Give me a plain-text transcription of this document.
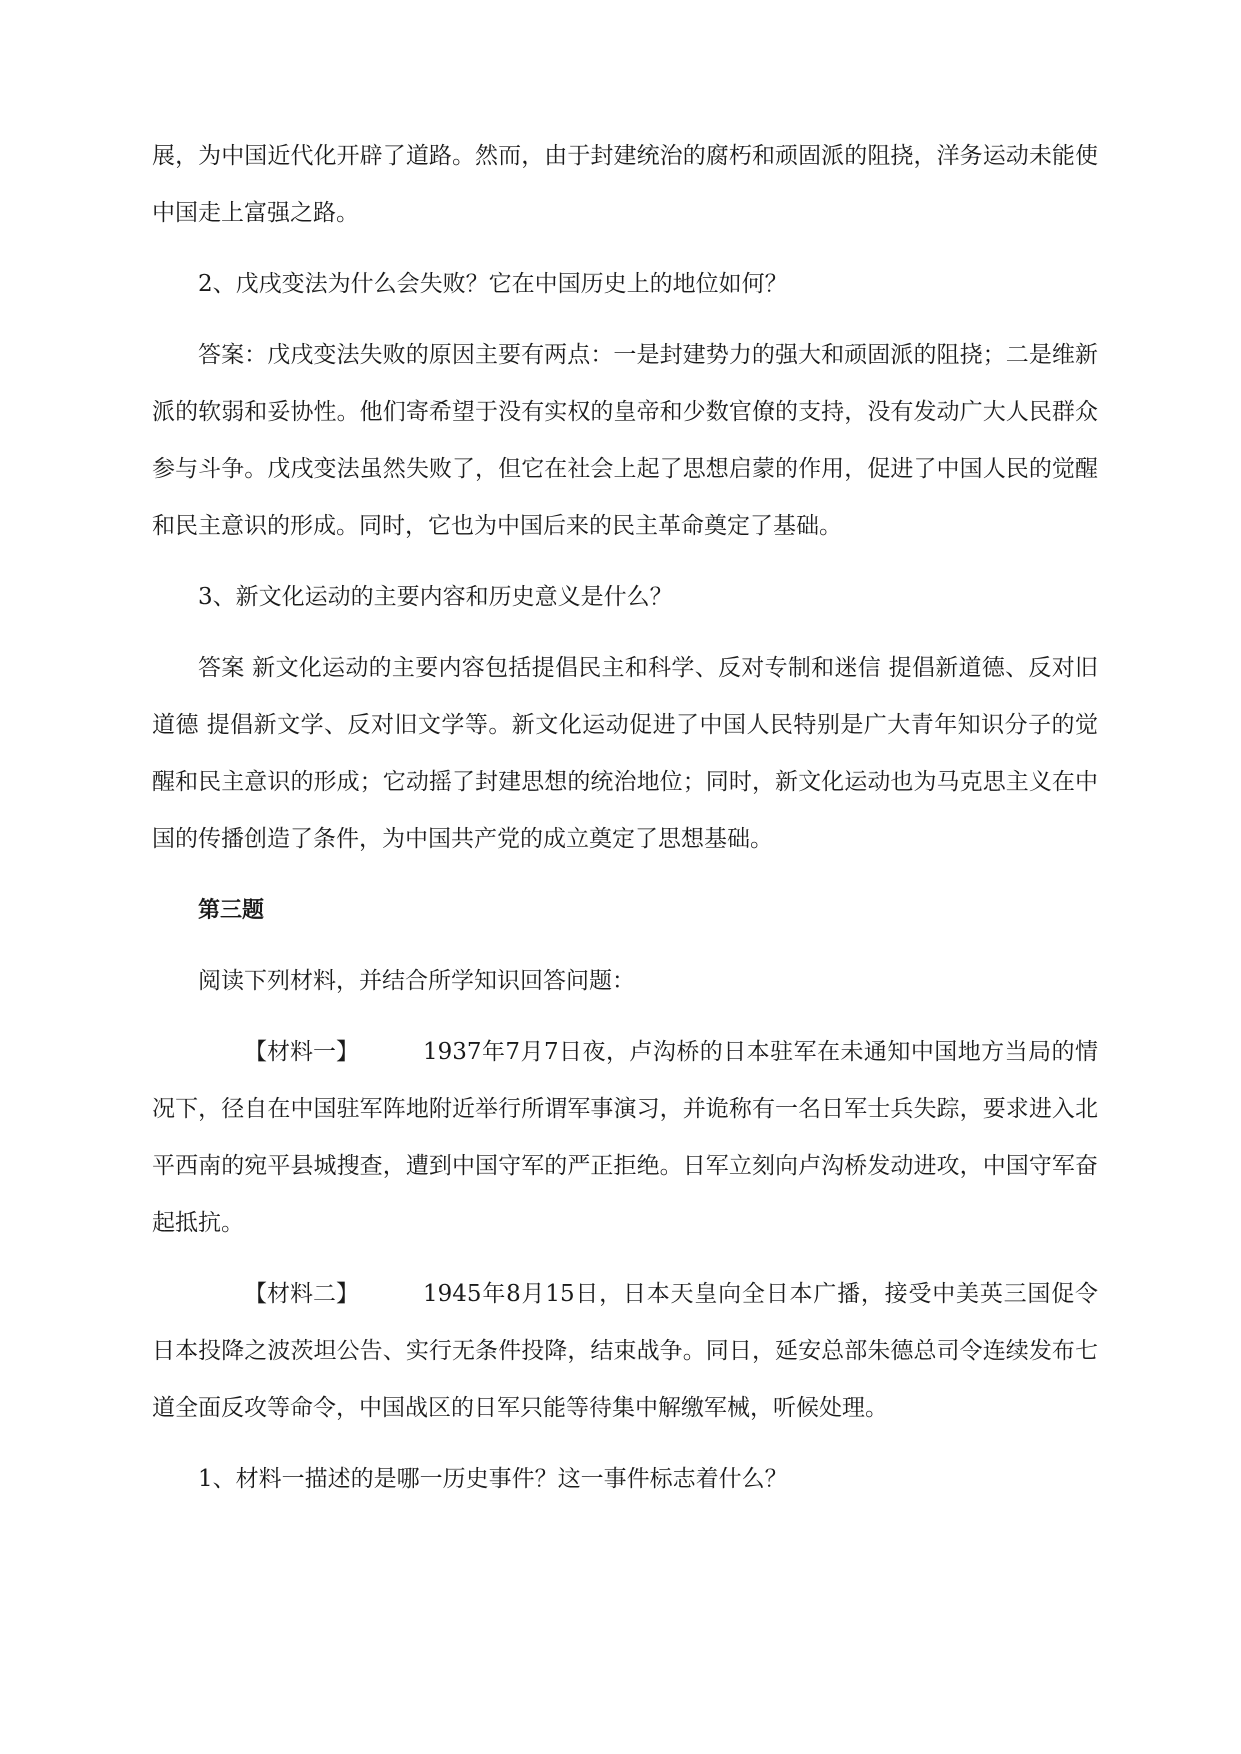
展，为中国近代化开辟了道路。然而，由于封建统治的腐朽和顽固派的阻挠，洋务运动未能使中国走上富强之路。

2、戊戌变法为什么会失败？它在中国历史上的地位如何？

答案：戊戌变法失败的原因主要有两点：一是封建势力的强大和顽固派的阻挠；二是维新派的软弱和妥协性。他们寄希望于没有实权的皇帝和少数官僚的支持，没有发动广大人民群众参与斗争。戊戌变法虽然失败了，但它在社会上起了思想启蒙的作用，促进了中国人民的觉醒和民主意识的形成。同时，它也为中国后来的民主革命奠定了基础。

3、新文化运动的主要内容和历史意义是什么？

答案 新文化运动的主要内容包括提倡民主和科学、反对专制和迷信 提倡新道德、反对旧道德 提倡新文学、反对旧文学等。新文化运动促进了中国人民特别是广大青年知识分子的觉醒和民主意识的形成；它动摇了封建思想的统治地位；同时，新文化运动也为马克思主义在中国的传播创造了条件，为中国共产党的成立奠定了思想基础。

第三题

阅读下列材料，并结合所学知识回答问题：

【材料一】	1937年7月7日夜，卢沟桥的日本驻军在未通知中国地方当局的情况下，径自在中国驻军阵地附近举行所谓军事演习，并诡称有一名日军士兵失踪，要求进入北平西南的宛平县城搜查，遭到中国守军的严正拒绝。日军立刻向卢沟桥发动进攻，中国守军奋起抵抗。

【材料二】	1945年8月15日，日本天皇向全日本广播，接受中美英三国促令日本投降之波茨坦公告、实行无条件投降，结束战争。同日，延安总部朱德总司令连续发布七道全面反攻等命令，中国战区的日军只能等待集中解缴军械，听候处理。

1、材料一描述的是哪一历史事件？这一事件标志着什么？
